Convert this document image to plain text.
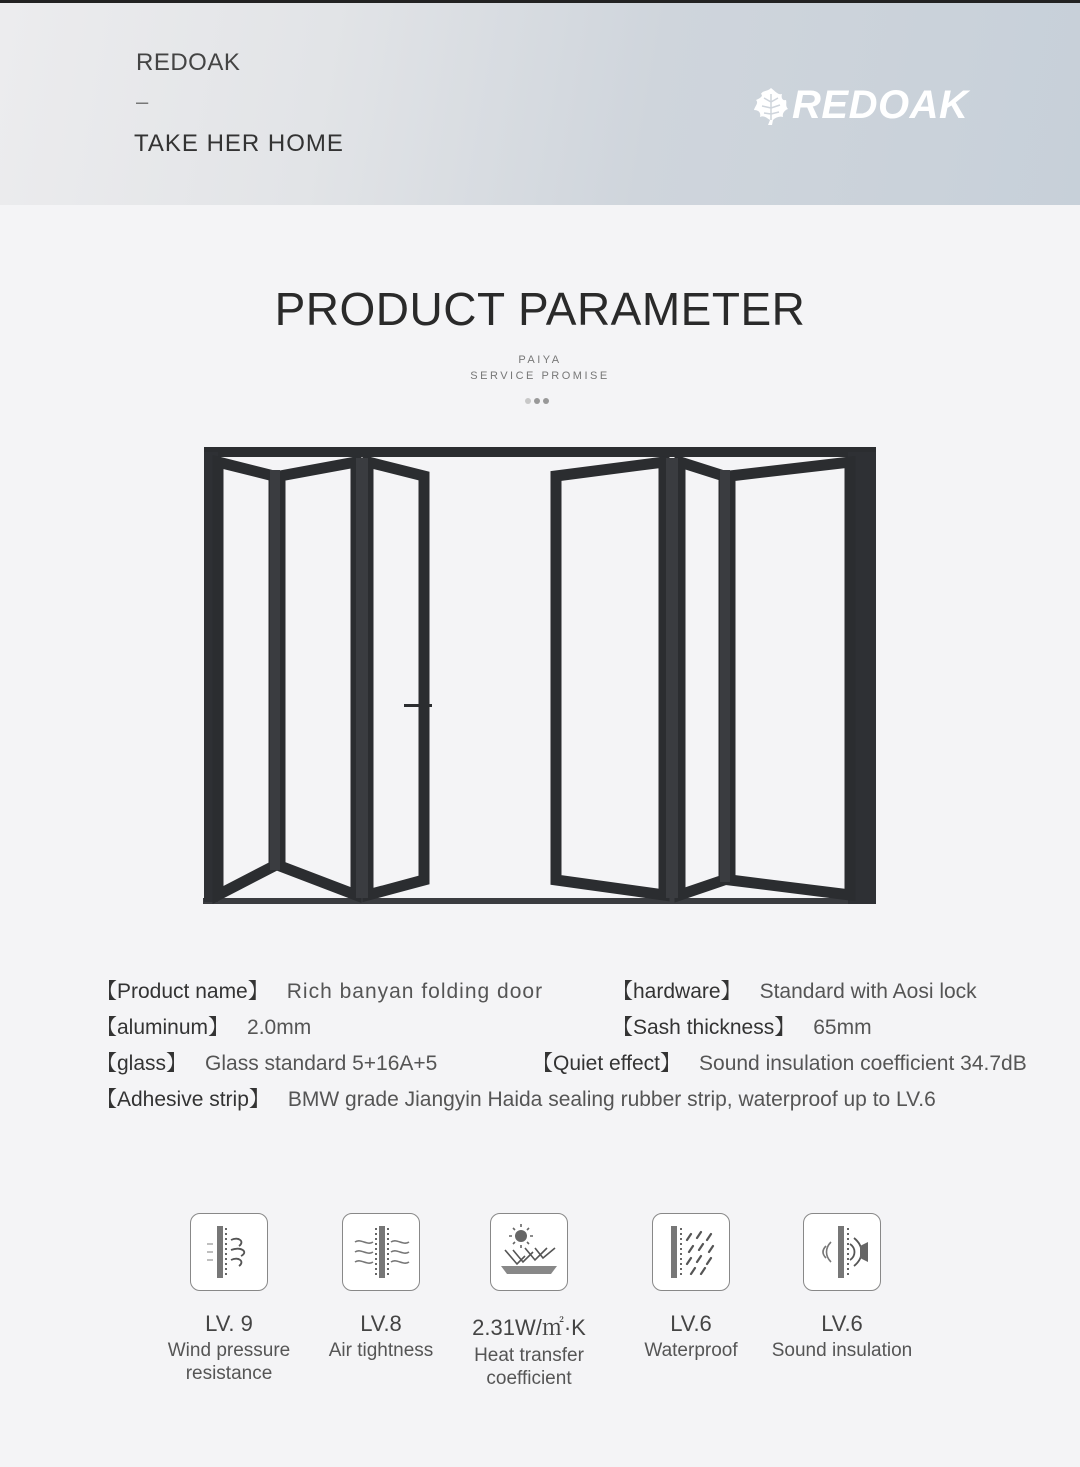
REDOAK
–
TAKE HER HOME
REDOAK
PRODUCT PARAMETER
PAIYA
SERVICE PROMISE
【Product name】 Rich banyan folding door	【hardware】 Standard with Aosi lock
【aluminum】 2.0mm	【Sash thickness】 65mm
【glass】 Glass standard 5+16A+5	【Quiet effect】 Sound insulation coefficient 34.7dB
【Adhesive strip】 BMW grade Jiangyin Haida sealing rubber strip, waterproof up to LV.6
LV. 9
Wind pressure
resistance
LV.8
Air tightness
2.31W/㎡·K
Heat transfer
coefficient
LV.6
Waterproof
LV.6
Sound insulation
